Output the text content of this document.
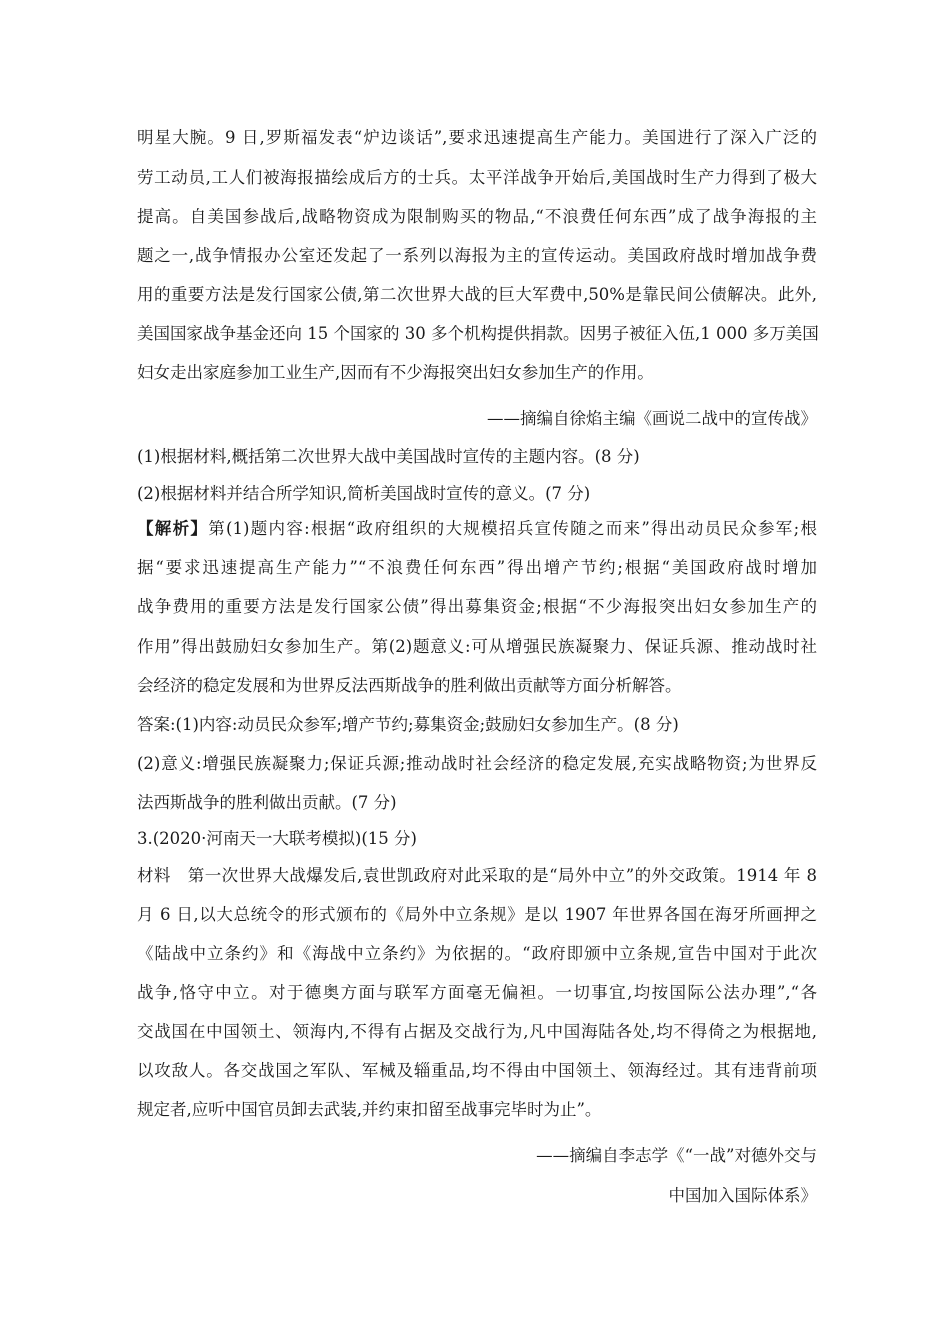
明星大腕。9 日,罗斯福发表“炉边谈话”,要求迅速提高生产能力。美国进行了深入广泛的
劳工动员,工人们被海报描绘成后方的士兵。太平洋战争开始后,美国战时生产力得到了极大
提高。自美国参战后,战略物资成为限制购买的物品,“不浪费任何东西”成了战争海报的主
题之一,战争情报办公室还发起了一系列以海报为主的宣传运动。美国政府战时增加战争费
用的重要方法是发行国家公债,第二次世界大战的巨大军费中,50%是靠民间公债解决。此外,
美国国家战争基金还向 15 个国家的 30 多个机构提供捐款。因男子被征入伍,1 000 多万美国
妇女走出家庭参加工业生产,因而有不少海报突出妇女参加生产的作用。
——摘编自徐焰主编《画说二战中的宣传战》
(1)根据材料,概括第二次世界大战中美国战时宣传的主题内容。(8 分)
(2)根据材料并结合所学知识,简析美国战时宣传的意义。(7 分)
【解析】第(1)题内容:根据“政府组织的大规模招兵宣传随之而来”得出动员民众参军;根
据“要求迅速提高生产能力”“不浪费任何东西”得出增产节约;根据“美国政府战时增加
战争费用的重要方法是发行国家公债”得出募集资金;根据“不少海报突出妇女参加生产的
作用”得出鼓励妇女参加生产。第(2)题意义:可从增强民族凝聚力、保证兵源、推动战时社
会经济的稳定发展和为世界反法西斯战争的胜利做出贡献等方面分析解答。
答案:(1)内容:动员民众参军;增产节约;募集资金;鼓励妇女参加生产。(8 分)
(2)意义:增强民族凝聚力;保证兵源;推动战时社会经济的稳定发展,充实战略物资;为世界反
法西斯战争的胜利做出贡献。(7 分)
3.(2020·河南天一大联考模拟)(15 分)
材料　第一次世界大战爆发后,袁世凯政府对此采取的是“局外中立”的外交政策。1914 年 8
月 6 日,以大总统令的形式颁布的《局外中立条规》是以 1907 年世界各国在海牙所画押之
《陆战中立条约》和《海战中立条约》为依据的。“政府即颁中立条规,宣告中国对于此次
战争,恪守中立。对于德奥方面与联军方面毫无偏袒。一切事宜,均按国际公法办理”,“各
交战国在中国领土、领海内,不得有占据及交战行为,凡中国海陆各处,均不得倚之为根据地,
以攻敌人。各交战国之军队、军械及辎重品,均不得由中国领土、领海经过。其有违背前项
规定者,应听中国官员卸去武装,并约束扣留至战事完毕时为止”。
——摘编自李志学《“一战”对德外交与
中国加入国际体系》
